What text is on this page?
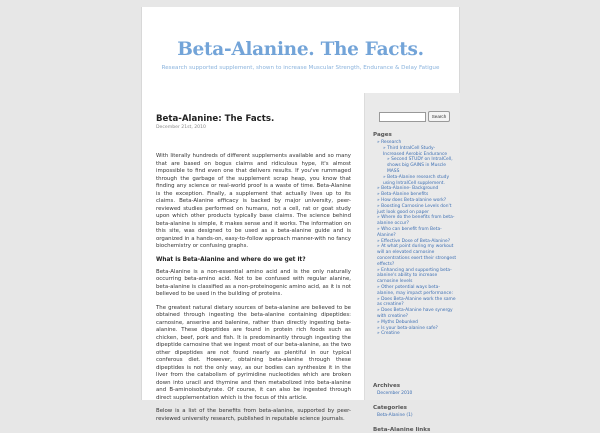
Beta-Alanine. The Facts.
Research supported supplement, shown to increase Muscular Strength, Endurance & Delay Fatigue
Beta-Alanine: The Facts.
December 21st, 2010

With literally hundreds of different supplements available and so many that are based on bogus claims and ridiculous hype, it's almost impossible to find even one that delivers results. If you've rummaged through the garbage of the supplement scrap heap, you know that finding any science or real-world proof is a waste of time. Beta-Alanine is the exception. Finally, a supplement that actually lives up to its claims. Beta-Alanine efficacy is backed by major university, peer-reviewed studies performed on humans, not a cell, rat or goat study upon which other products typically base claims. The science behind beta-alanine is simple, it makes sense and it works. The information on this site, was designed to be used as a beta-alanine guide and is organized in a hands-on, easy-to-follow approach manner-with no fancy biochemistry or confusing graphs.

What is Beta-Alanine and where do we get it?

Beta-Alanine is a non-essential amino acid and is the only naturally occurring beta-amino acid. Not to be confused with regular alanine, beta-alanine is classified as a non-proteinogenic amino acid, as it is not believed to be used in the building of proteins.

The greatest natural dietary sources of beta-alanine are believed to be obtained through ingesting the beta-alanine containing dipeptides: carnosine, anserine and balenine, rather than directly ingesting beta-alanine. These dipeptides are found in protein rich foods such as chicken, beef, pork and fish. It is predominantly through ingesting the dipeptide carnosine that we ingest most of our beta-alanine, as the two other dipeptides are not found nearly as plentiful in our typical conferous diet. However, obtaining beta-alanine through these dipeptides is not the only way, as our bodies can synthesize it in the liver from the catabolism of pyrimidine nucleotides which are broken down into uracil and thymine and then metabolized into beta-alanine and B-aminoisobutyrate. Of course, it can also be ingested through direct supplementation which is the focus of this article.

Below is a list of the benefits from beta-alanine, supported by peer-reviewed university research, published in reputable science journals.

Search
Pages
» Research
» Third IntraICell Study- Increased Aerobic Endurance
» Second STUDY on IntraICell, shows big GAINS in Muscle MASS
» Beta-Alanine research study using IntraICell supplement.
» Beta-Alanine- Background
» Beta-Alanine benefits
» How does Beta-alanine work?
» Boosting Carnosine Levels don't just look good on paper
» Where do the benefits from beta-alanine occur?
» Who can benefit from Beta-Alanine?
» Effective Dose of Beta-Alanine?
» At what point during my workout will an elevated carnosine concentrations exert their strongest effects?
» Enhancing and supporting beta-alanine's ability to increase carnosine levels
» Other potential ways beta-alanine, may impact performance:
» Does Beta-Alanine work the same as creatine?
» Does Beta-Alanine have synergy with creatine?
» Myths Debunked
» Is your beta-alanine safe?
» Creatine
Archives
December 2010
Categories
Beta-Alanine (1)
Beta-Alanine links
